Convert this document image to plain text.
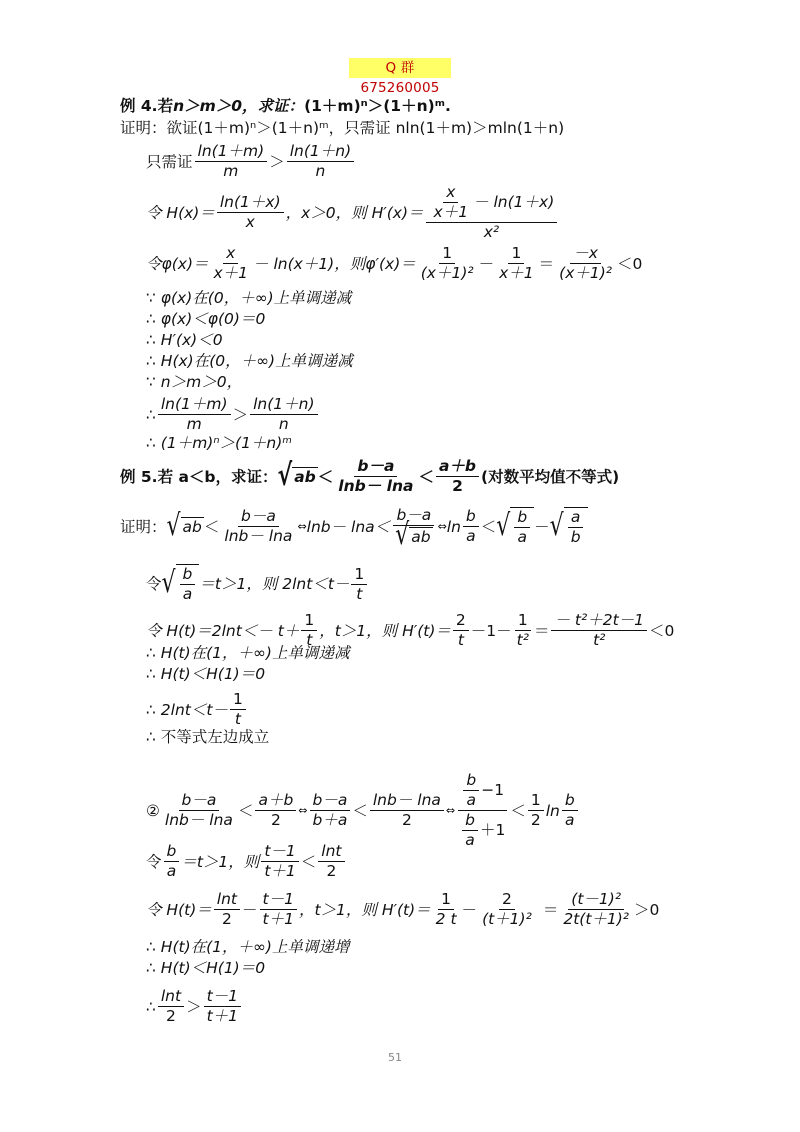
Q 群 675260005
例 4.若 n＞m＞0，求证： (1＋m)ⁿ＞(1＋n)ᵐ.
证明：欲证(1＋m)ⁿ＞(1＋n)ᵐ，只需证 nln(1＋m)＞mln(1＋n)
只需证
ln(1＋m)
m
＞
ln(1＋n)
n
令 H(x)＝
ln(1＋x)
x
，x＞0，则 H′(x)＝
x
x＋1
－ ln(1＋x)
x²
令φ(x)＝
x
x＋1
－ ln(x＋1)，则φ′(x)＝
1
(x＋1)²
－
1
x＋1
＝
－x
(x＋1)²
＜0
∵ φ(x)在(0，＋∞)上单调递减
∴ φ(x)＜φ(0)＝0
∴ H′(x)＜0
∴ H(x)在(0，＋∞)上单调递减
∵ n＞m＞0，
∴
ln(1＋m)
m
＞
ln(1＋n)
n
∴ (1＋m)ⁿ＞(1＋n)ᵐ
例 5.若 a＜b，求证： √ ab ＜
b－a
lnb－ lna
＜
a＋b
2
(对数平均值不等式)
证明： √ ab ＜
b－a
lnb－ lna
⇔ lnb－ lna＜
b－a
√ ab
⇔ ln
b
a
＜ √ $\frac{b}{a}$ － √ $\frac{a}{b}$
令 √ $\frac{b}{a} =t>1$，则 2lnt＜t－
1
t
令 H(t)＝2lnt＜－ t＋
1
t
，t＞1，则 H′(t)＝
2
t
－1－
1
t²
＝
－ t²＋2t－1
t²
＜0
∴ H(t)在(1，＋∞)上单调递减
∴ H(t)＜H(1)＝0
∴ 2lnt＜t－
1
t
∴ 不等式左边成立
②
b－a
lnb－ lna
＜
a＋b
2
⇔
b－a
b＋a
＜
lnb－ lna
2
⇔
b
a
−1
b
a
＋1
＜
1
2
ln
b
a
令
b
a
＝t＞1，则
t－1
t＋1
＜
lnt
2
令 H(t)＝
lnt
2
－
t－1
t＋1
，t＞1，则 H′(t)＝
1
2 t
－
2
(t＋1)²
＝
(t－1)²
2t(t＋1)²
＞0
∴ H(t)在(1，＋∞)上单调递增
∴ H(t)＜H(1)＝0
∴
lnt
2
＞
t－1
t＋1
51
